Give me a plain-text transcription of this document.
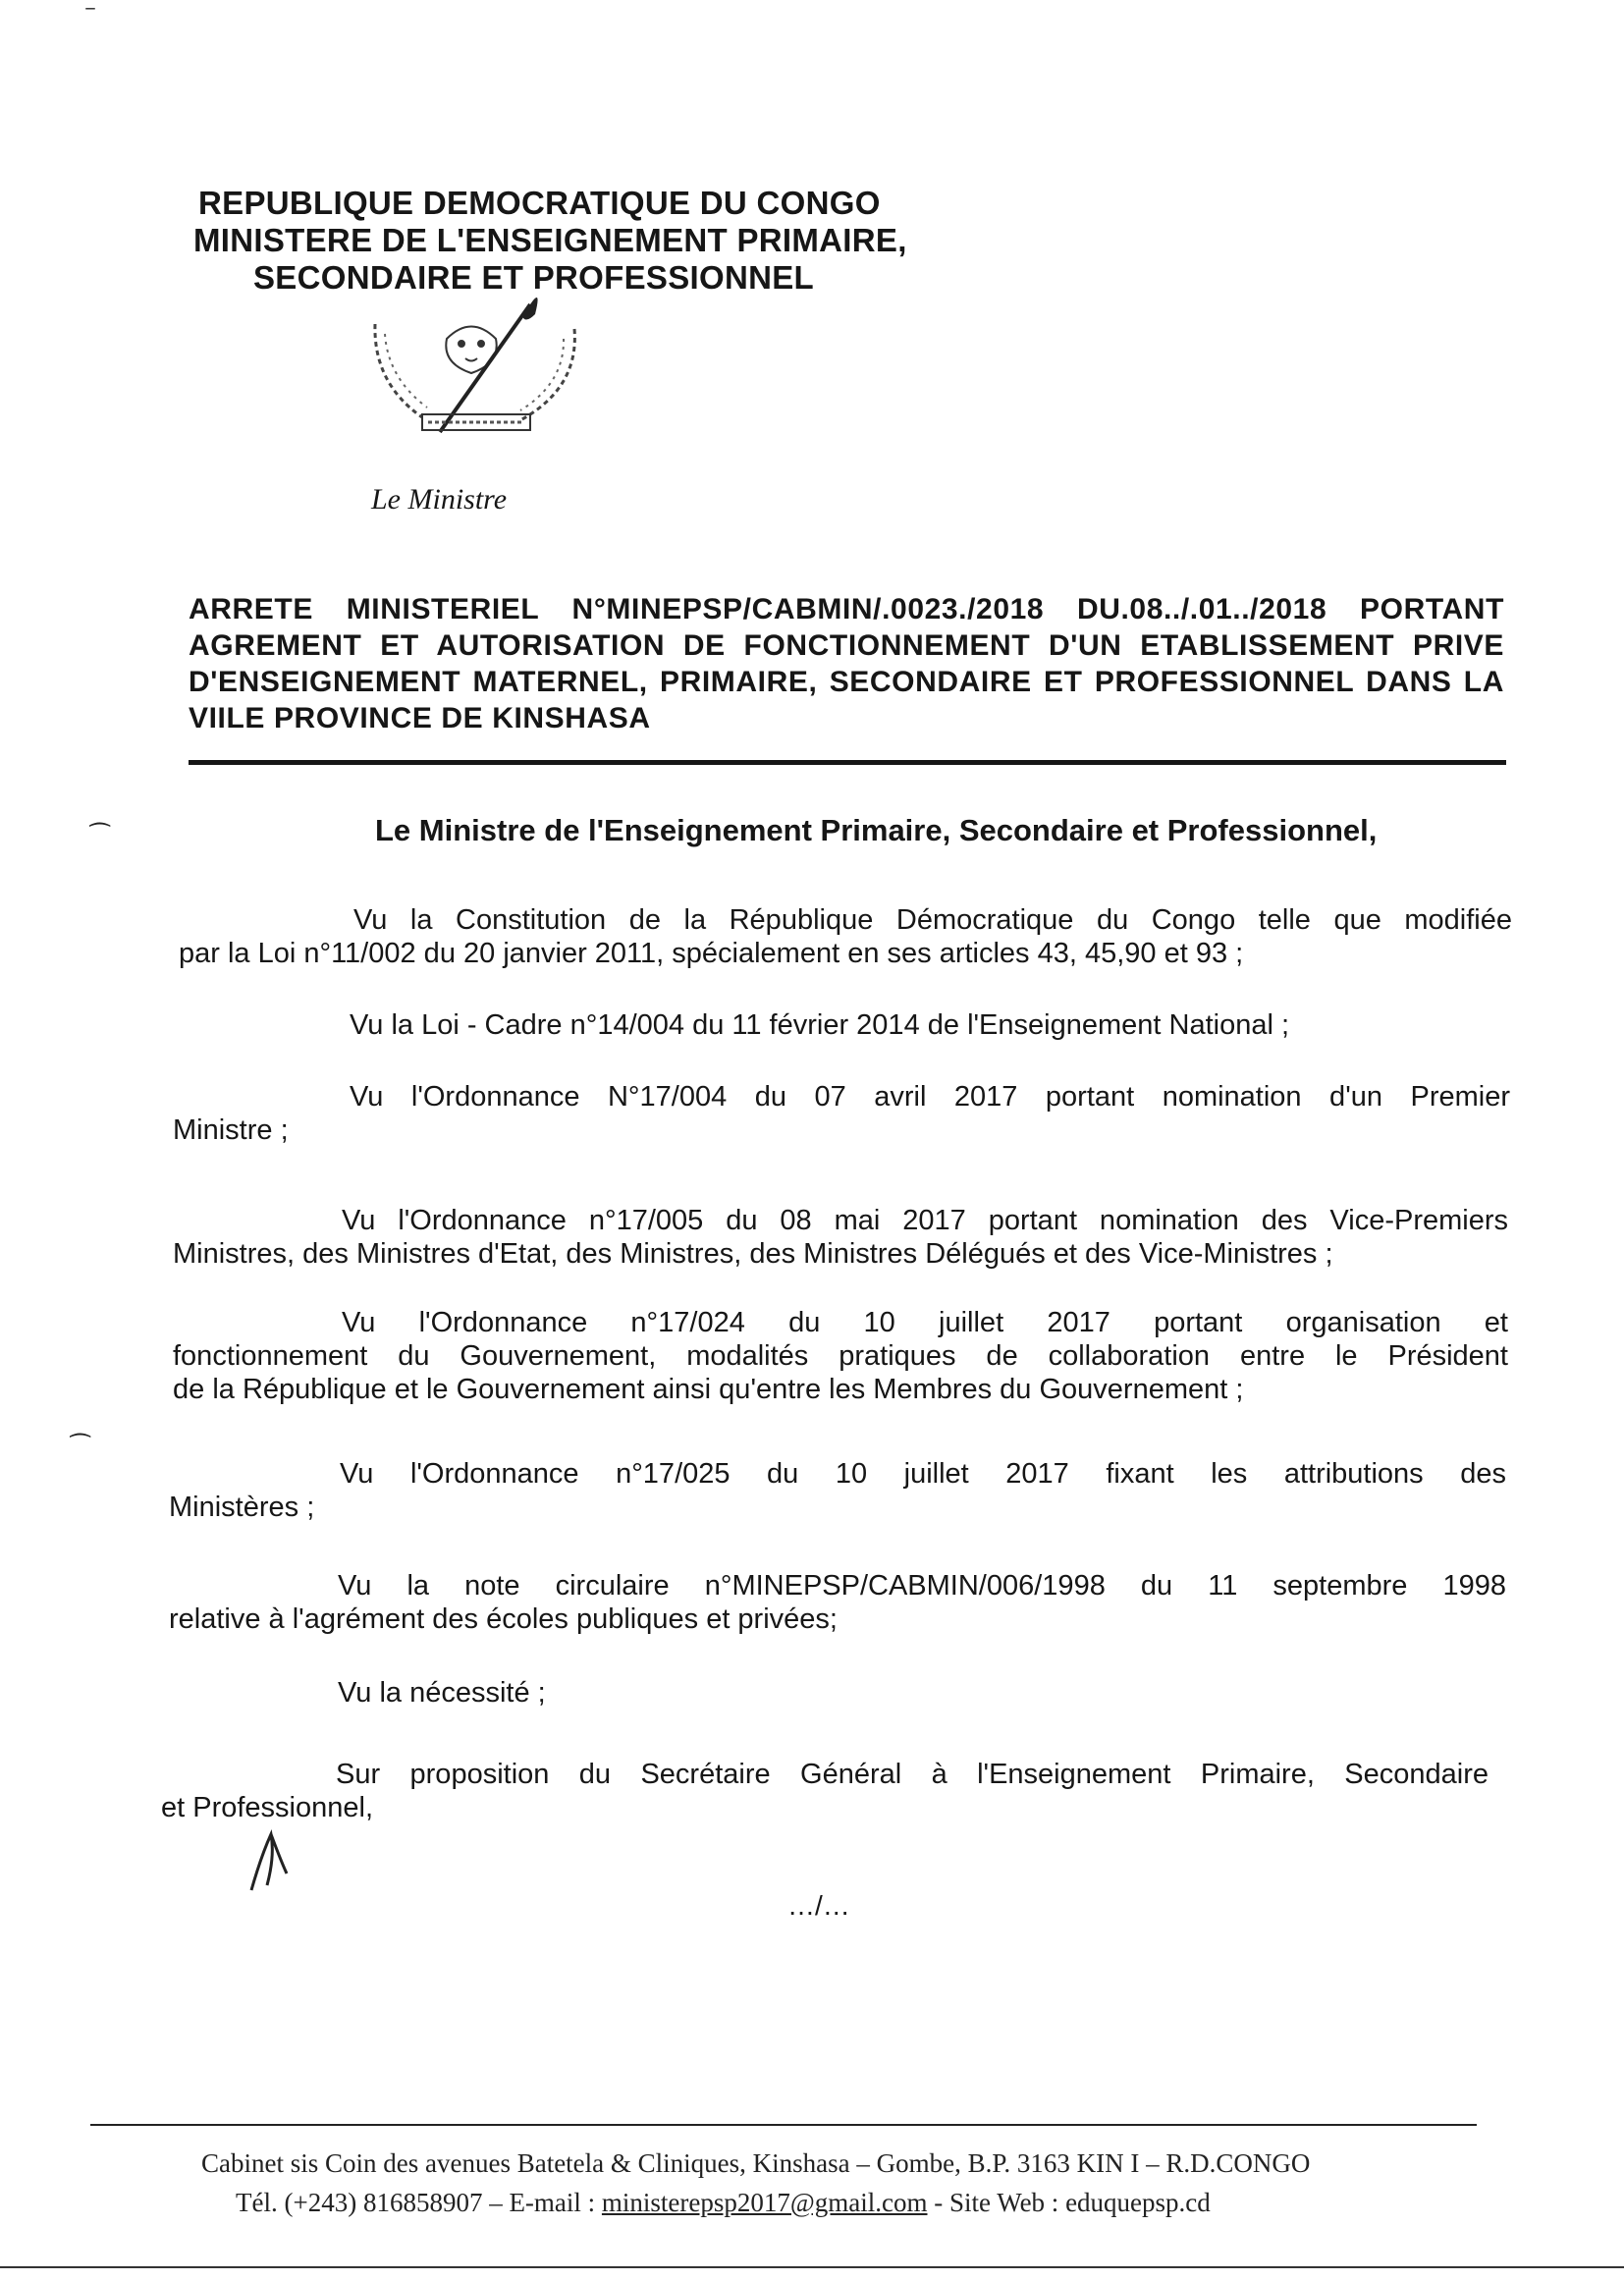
REPUBLIQUE DEMOCRATIQUE DU CONGO
MINISTERE DE L'ENSEIGNEMENT PRIMAIRE,
SECONDAIRE ET PROFESSIONNEL
Le Ministre
ARRETE MINISTERIEL N°MINEPSP/CABMIN/.0023./2018 DU.08../.01../2018 PORTANT
AGREMENT ET AUTORISATION DE FONCTIONNEMENT D'UN ETABLISSEMENT PRIVE
D'ENSEIGNEMENT MATERNEL, PRIMAIRE, SECONDAIRE ET PROFESSIONNEL DANS LA
VIILE PROVINCE DE KINSHASA
⁀	Le Ministre de l'Enseignement Primaire, Secondaire et Professionnel,
Vu la Constitution de la République Démocratique du Congo telle que modifiée
par la Loi n°11/002 du 20 janvier 2011, spécialement en ses articles 43, 45,90 et 93 ;
Vu la Loi - Cadre n°14/004 du 11 février 2014 de l'Enseignement National ;
Vu l'Ordonnance N°17/004 du 07 avril 2017 portant nomination d'un Premier
Ministre ;
Vu l'Ordonnance n°17/005 du 08 mai 2017 portant nomination des Vice-Premiers
Ministres, des Ministres d'Etat, des Ministres, des Ministres Délégués et des Vice-Ministres ;
Vu l'Ordonnance n°17/024 du 10 juillet 2017 portant organisation et
fonctionnement du Gouvernement, modalités pratiques de collaboration entre le Président
de la République et le Gouvernement ainsi qu'entre les Membres du Gouvernement ;
⁀
Vu l'Ordonnance n°17/025 du 10 juillet 2017 fixant les attributions des
Ministères ;
Vu la note circulaire n°MINEPSP/CABMIN/006/1998 du 11 septembre 1998
relative à l'agrément des écoles publiques et privées;
Vu la nécessité ;
Sur proposition du Secrétaire Général à l'Enseignement Primaire, Secondaire
et Professionnel,
…/…
Cabinet sis Coin des avenues Batetela & Cliniques, Kinshasa – Gombe, B.P. 3163 KIN I – R.D.CONGO
Tél. (+243) 816858907 – E-mail : ministerepsp2017@gmail.com - Site Web : eduquepsp.cd
‾
